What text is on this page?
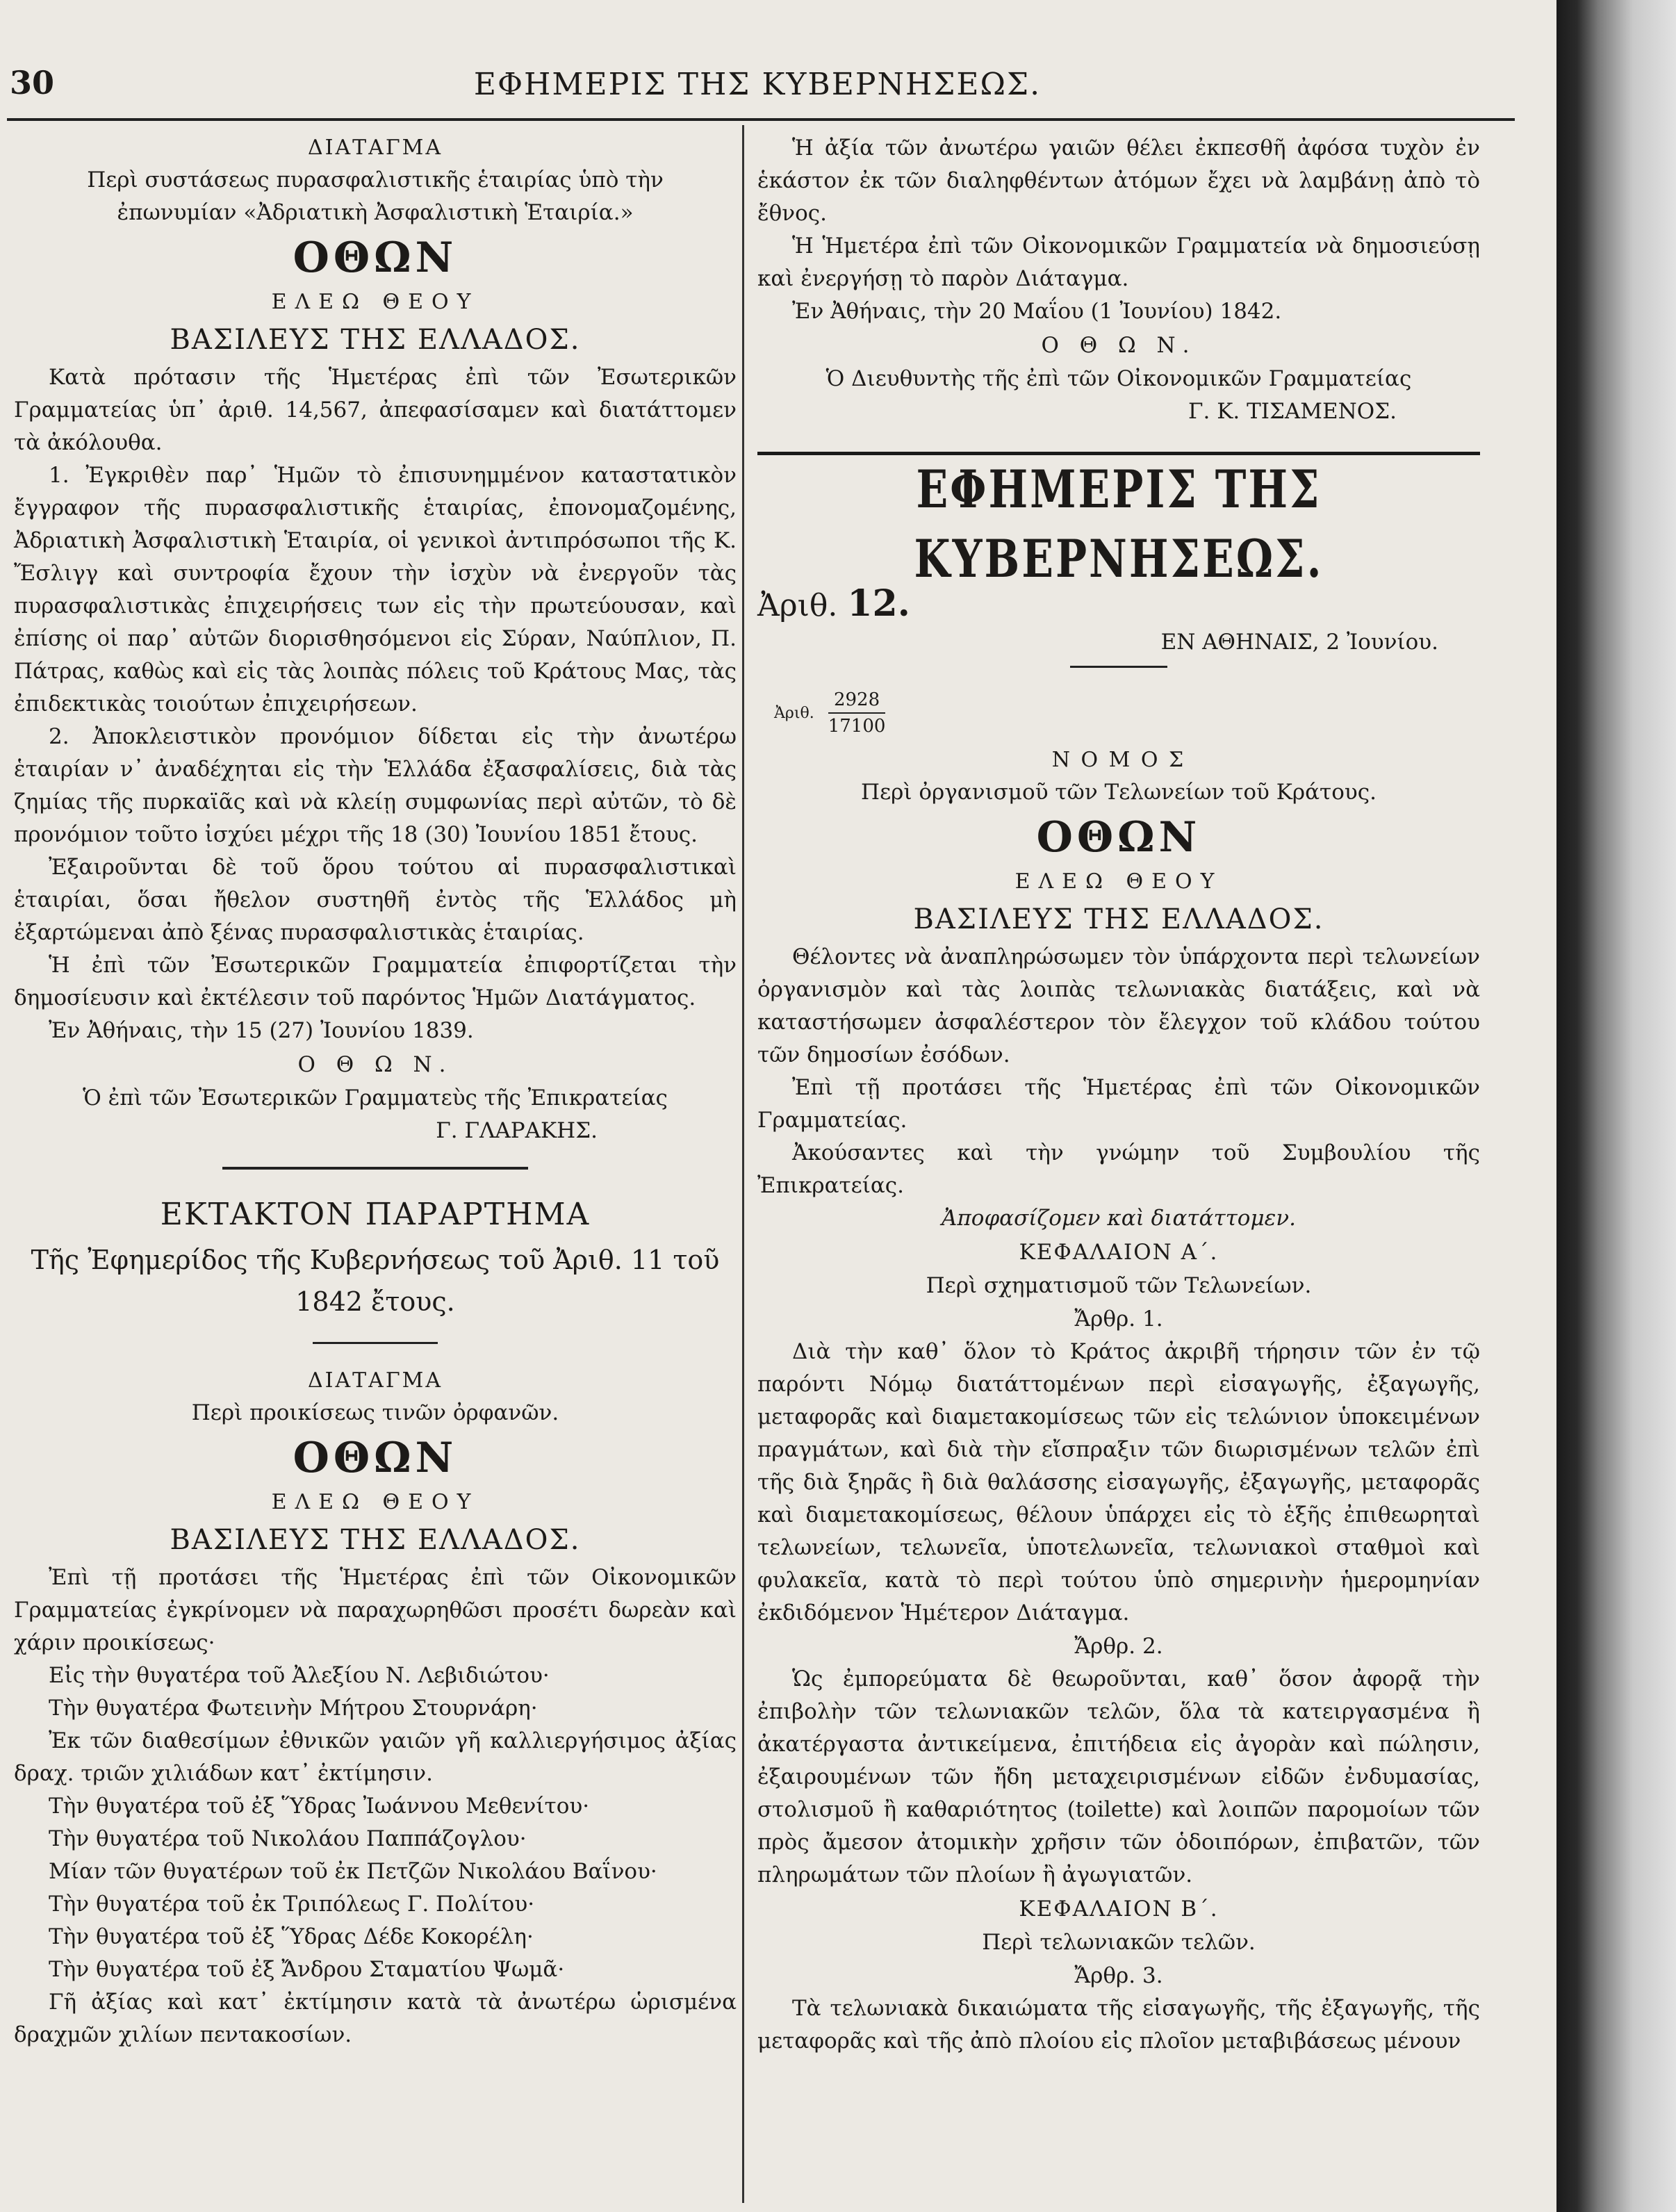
30	ΕΦΗΜΕΡΙΣ ΤΗΣ ΚΥΒΕΡΝΗΣΕΩΣ.

ΔΙΑΤΑΓΜΑ

Περὶ συστάσεως πυρασφαλιστικῆς ἑταιρίας ὑπὸ τὴν

ἐπωνυμίαν «Ἀδριατικὴ Ἀσφαλιστικὴ Ἑταιρία.»

ΟΘΩΝ

ΕΛΕΩ ΘΕΟΥ

ΒΑΣΙΛΕΥΣ ΤΗΣ ΕΛΛΑΔΟΣ.

Κατὰ πρότασιν τῆς Ἡμετέρας ἐπὶ τῶν Ἐσωτερικῶν Γραμματείας ὑπ᾿ ἀριθ. 14,567, ἀπεφασίσαμεν καὶ διατάττομεν τὰ ἀκόλουθα.

1. Ἐγκριθὲν παρ᾿ Ἡμῶν τὸ ἐπισυνημμένον καταστατικὸν ἔγγραφον τῆς πυρασφαλιστικῆς ἑταιρίας, ἐπονομαζομένης, Ἀδριατικὴ Ἀσφαλιστικὴ Ἑταιρία, οἱ γενικοὶ ἀντιπρόσωποι τῆς Κ. Ἔσλιγγ καὶ συντροφία ἔχουν τὴν ἰσχὺν νὰ ἐνεργοῦν τὰς πυρασφαλιστικὰς ἐπιχειρήσεις των εἰς τὴν πρωτεύουσαν, καὶ ἐπίσης οἱ παρ᾿ αὐτῶν διορισθησόμενοι εἰς Σύραν, Ναύπλιον, Π. Πάτρας, καθὼς καὶ εἰς τὰς λοιπὰς πόλεις τοῦ Κράτους Μας, τὰς ἐπιδεκτικὰς τοιούτων ἐπιχειρήσεων.

2. Ἀποκλειστικὸν προνόμιον δίδεται εἰς τὴν ἀνωτέρω ἑταιρίαν ν᾿ ἀναδέχηται εἰς τὴν Ἑλλάδα ἐξασφαλίσεις, διὰ τὰς ζημίας τῆς πυρκαϊᾶς καὶ νὰ κλείῃ συμφωνίας περὶ αὐτῶν, τὸ δὲ προνόμιον τοῦτο ἰσχύει μέχρι τῆς 18 (30) Ἰουνίου 1851 ἔτους.

Ἐξαιροῦνται δὲ τοῦ ὅρου τούτου αἱ πυρασφαλιστικαὶ ἑταιρίαι, ὅσαι ἤθελον συστηθῆ ἐντὸς τῆς Ἑλλάδος μὴ ἐξαρτώμεναι ἀπὸ ξένας πυρασφαλιστικὰς ἑταιρίας.

Ἡ ἐπὶ τῶν Ἐσωτερικῶν Γραμματεία ἐπιφορτίζεται τὴν δημοσίευσιν καὶ ἐκτέλεσιν τοῦ παρόντος Ἡμῶν Διατάγματος.

Ἐν Ἀθήναις, τὴν 15 (27) Ἰουνίου 1839.

Ο Θ Ω Ν.

Ὁ ἐπὶ τῶν Ἐσωτερικῶν Γραμματεὺς τῆς Ἐπικρατείας

Γ. ΓΛΑΡΑΚΗΣ.

ΕΚΤΑΚΤΟΝ ΠΑΡΑΡΤΗΜΑ

Τῆς Ἐφημερίδος τῆς Κυβερνήσεως τοῦ Ἀριθ. 11 τοῦ

1842 ἔτους.

ΔΙΑΤΑΓΜΑ

Περὶ προικίσεως τινῶν ὀρφανῶν.

ΟΘΩΝ

ΕΛΕΩ ΘΕΟΥ

ΒΑΣΙΛΕΥΣ ΤΗΣ ΕΛΛΑΔΟΣ.

Ἐπὶ τῇ προτάσει τῆς Ἡμετέρας ἐπὶ τῶν Οἰκονομικῶν Γραμματείας ἐγκρίνομεν νὰ παραχωρηθῶσι προσέτι δωρεὰν καὶ χάριν προικίσεως·

Εἰς τὴν θυγατέρα τοῦ Ἀλεξίου Ν. Λεβιδιώτου·

Τὴν θυγατέρα Φωτεινὴν Μήτρου Στουρνάρη·

Ἐκ τῶν διαθεσίμων ἐθνικῶν γαιῶν γῆ καλλιεργήσιμος ἀξίας δραχ. τριῶν χιλιάδων κατ᾿ ἐκτίμησιν.

Τὴν θυγατέρα τοῦ ἐξ Ὕδρας Ἰωάννου Μεθενίτου·

Τὴν θυγατέρα τοῦ Νικολάου Παππάζογλου·

Μίαν τῶν θυγατέρων τοῦ ἐκ Πετζῶν Νικολάου Βαΐνου·

Τὴν θυγατέρα τοῦ ἐκ Τριπόλεως Γ. Πολίτου·

Τὴν θυγατέρα τοῦ ἐξ Ὕδρας Δέδε Κοκορέλη·

Τὴν θυγατέρα τοῦ ἐξ Ἄνδρου Σταματίου Ψωμᾶ·

Γῆ ἀξίας καὶ κατ᾿ ἐκτίμησιν κατὰ τὰ ἀνωτέρω ὡρισμένα δραχμῶν χιλίων πεντακοσίων.

Ἡ ἀξία τῶν ἀνωτέρω γαιῶν θέλει ἐκπεσθῆ ἀφόσα τυχὸν ἐν ἑκάστον ἐκ τῶν διαληφθέντων ἀτόμων ἔχει νὰ λαμβάνῃ ἀπὸ τὸ ἔθνος.

Ἡ Ἡμετέρα ἐπὶ τῶν Οἰκονομικῶν Γραμματεία νὰ δημοσιεύσῃ καὶ ἐνεργήσῃ τὸ παρὸν Διάταγμα.

Ἐν Ἀθήναις, τὴν 20 Μαΐου (1 Ἰουνίου) 1842.

Ο Θ Ω Ν.

Ὁ Διευθυντὴς τῆς ἐπὶ τῶν Οἰκονομικῶν Γραμματείας

Γ. Κ. ΤΙΣΑΜΕΝΟΣ.

ΕΦΗΜΕΡΙΣ ΤΗΣ ΚΥΒΕΡΝΗΣΕΩΣ.

Ἀριθ. 12.

ΕΝ ΑΘΗΝΑΙΣ, 2 Ἰουνίου.

Ἀριθ. $\frac{2928}{17100}$

Ν Ο Μ Ο Σ

Περὶ ὀργανισμοῦ τῶν Τελωνείων τοῦ Κράτους.

ΟΘΩΝ

ΕΛΕΩ ΘΕΟΥ

ΒΑΣΙΛΕΥΣ ΤΗΣ ΕΛΛΑΔΟΣ.

Θέλοντες νὰ ἀναπληρώσωμεν τὸν ὑπάρχοντα περὶ τελωνείων ὀργανισμὸν καὶ τὰς λοιπὰς τελωνιακὰς διατάξεις, καὶ νὰ καταστήσωμεν ἀσφαλέστερον τὸν ἔλεγχον τοῦ κλάδου τούτου τῶν δημοσίων ἐσόδων.

Ἐπὶ τῇ προτάσει τῆς Ἡμετέρας ἐπὶ τῶν Οἰκονομικῶν Γραμματείας.

Ἀκούσαντες καὶ τὴν γνώμην τοῦ Συμβουλίου τῆς Ἐπικρατείας.

Ἀποφασίζομεν καὶ διατάττομεν.

ΚΕΦΑΛΑΙΟΝ Α΄.

Περὶ σχηματισμοῦ τῶν Τελωνείων.

Ἄρθρ. 1.

Διὰ τὴν καθ᾿ ὅλον τὸ Κράτος ἀκριβῆ τήρησιν τῶν ἐν τῷ παρόντι Νόμῳ διατάττομένων περὶ εἰσαγωγῆς, ἐξαγωγῆς, μεταφορᾶς καὶ διαμετακομίσεως τῶν εἰς τελώνιον ὑποκειμένων πραγμάτων, καὶ διὰ τὴν εἴσπραξιν τῶν διωρισμένων τελῶν ἐπὶ τῆς διὰ ξηρᾶς ἢ διὰ θαλάσσης εἰσαγωγῆς, ἐξαγωγῆς, μεταφορᾶς καὶ διαμετακομίσεως, θέλουν ὑπάρχει εἰς τὸ ἑξῆς ἐπιθεωρηταὶ τελωνείων, τελωνεῖα, ὑποτελωνεῖα, τελωνιακοὶ σταθμοὶ καὶ φυλακεῖα, κατὰ τὸ περὶ τούτου ὑπὸ σημερινὴν ἡμερομηνίαν ἐκδιδόμενον Ἡμέτερον Διάταγμα.

Ἄρθρ. 2.

Ὡς ἐμπορεύματα δὲ θεωροῦνται, καθ᾿ ὅσον ἀφορᾷ τὴν ἐπιβολὴν τῶν τελωνιακῶν τελῶν, ὅλα τὰ κατειργασμένα ἢ ἀκατέργαστα ἀντικείμενα, ἐπιτήδεια εἰς ἀγορὰν καὶ πώλησιν, ἐξαιρουμένων τῶν ἤδη μεταχειρισμένων εἰδῶν ἐνδυμασίας, στολισμοῦ ἢ καθαριότητος (toilette) καὶ λοιπῶν παρομοίων τῶν πρὸς ἄμεσον ἀτομικὴν χρῆσιν τῶν ὁδοιπόρων, ἐπιβατῶν, τῶν πληρωμάτων τῶν πλοίων ἢ ἀγωγιατῶν.

ΚΕΦΑΛΑΙΟΝ Β΄.

Περὶ τελωνιακῶν τελῶν.

Ἄρθρ. 3.

Τὰ τελωνιακὰ δικαιώματα τῆς εἰσαγωγῆς, τῆς ἐξαγωγῆς, τῆς μεταφορᾶς καὶ τῆς ἀπὸ πλοίου εἰς πλοῖον μεταβιβάσεως μένουν
